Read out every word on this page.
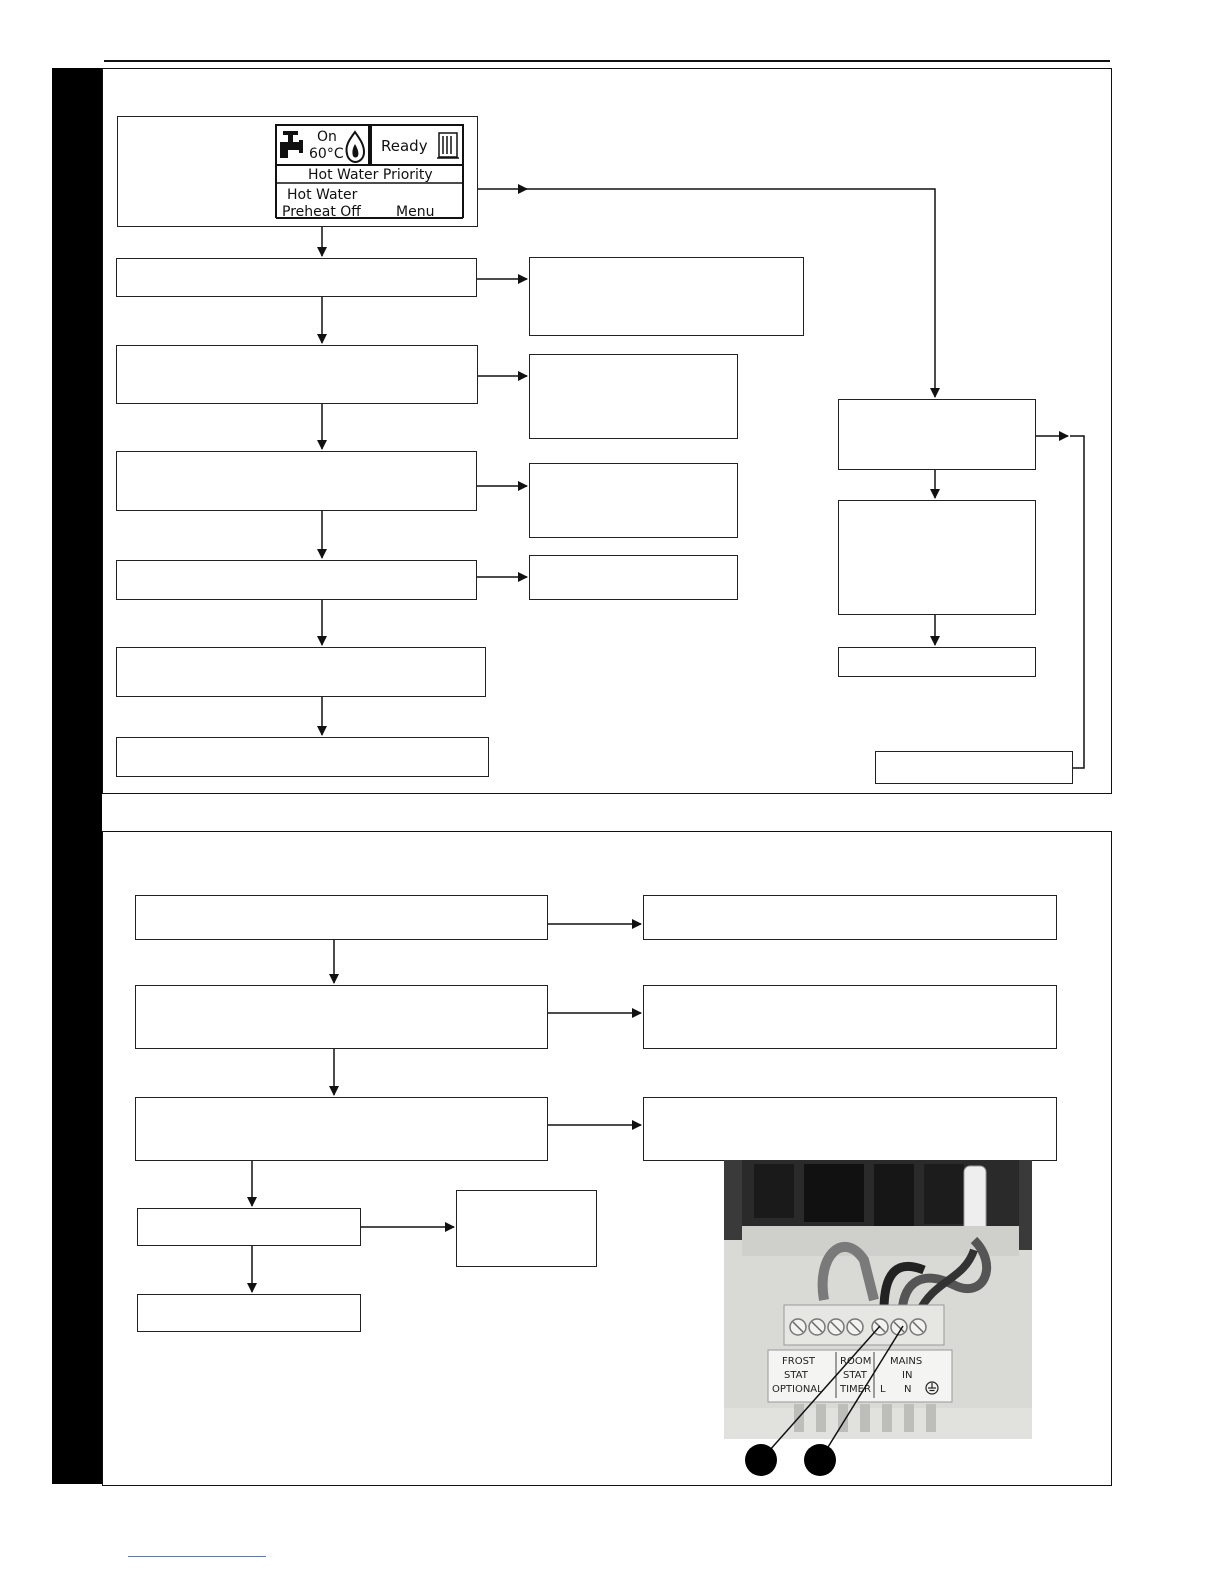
On
60°C Ready
Hot Water Priority
Hot Water
Preheat Off	Menu
FROST
STAT
OPTIONAL
ROOM
STAT
TIMER
MAINS
IN
L N
